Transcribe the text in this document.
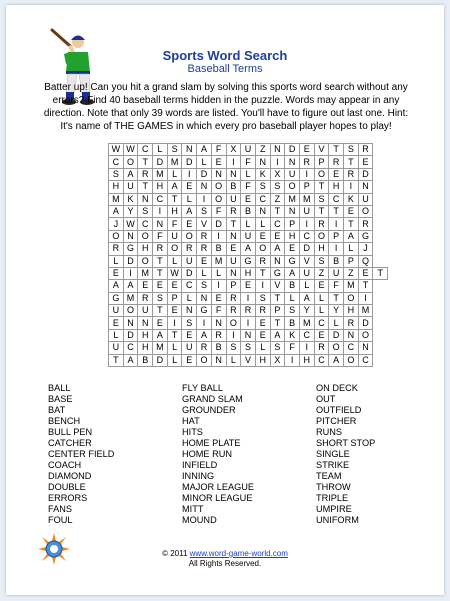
Sports Word Search
Baseball Terms
Batter up! Can you hit a grand slam by solving this sports word search without any errors? Find 40 baseball terms hidden in the puzzle. Words may appear in any direction. Note that only 39 words are listed. You'll have to figure out last one. Hint: It's name of THE GAMES in which every pro baseball player hopes to play!
W	W	C	L	S	N	A	F	X	U	Z	N	D	E	V	T	S	R	
C	O	T	D	M	D	L	E	I	F	N	I	N	R	P	R	T	E	
S	A	R	M	L	I	D	N	N	L	K	X	U	I	O	E	R	D	
H	U	T	H	A	E	N	O	B	F	S	S	O	P	T	H	I	N	
M	K	N	C	T	L	I	O	U	E	C	Z	M	M	S	C	K	U	
A	Y	S	I	H	A	S	F	R	B	N	T	N	U	T	T	E	O	
J	W	C	N	F	E	V	D	T	L	L	C	P	I	R	I	T	R	
O	N	O	F	U	O	R	I	N	U	E	E	H	C	O	P	A	G	
R	G	H	R	O	R	R	B	E	A	O	A	E	D	H	I	L	J	
L	D	O	T	L	U	E	M	U	G	R	N	G	V	S	B	P	Q	
E	I	M	T	W	D	L	L	N	H	T	G	A	U	Z	U	Z	E	T
A	A	E	E	E	C	S	I	P	E	I	V	B	L	E	F	M	T	
G	M	R	S	P	L	N	E	R	I	S	T	L	A	L	T	O	I	
U	O	U	T	E	N	G	F	R	R	R	P	S	Y	L	Y	H	M	
E	N	N	E	I	S	I	N	O	I	E	T	B	M	C	L	R	D	
L	D	H	A	T	E	A	R	I	N	E	A	K	C	E	D	N	O	
U	C	H	M	L	U	R	B	S	S	L	S	F	I	R	O	C	N	
T	A	B	D	L	E	O	N	L	V	H	X	I	H	C	A	O	C	
BALL
BASE
BAT
BENCH
BULL PEN
CATCHER
CENTER FIELD
COACH
DIAMOND
DOUBLE
ERRORS
FANS
FOUL
FLY BALL
GRAND SLAM
GROUNDER
HAT
HITS
HOME PLATE
HOME RUN
INFIELD
INNING
MAJOR LEAGUE
MINOR LEAGUE
MITT
MOUND
ON DECK
OUT
OUTFIELD
PITCHER
RUNS
SHORT STOP
SINGLE
STRIKE
TEAM
THROW
TRIPLE
UMPIRE
UNIFORM
© 2011 www.word-game-world.com
All Rights Reserved.
